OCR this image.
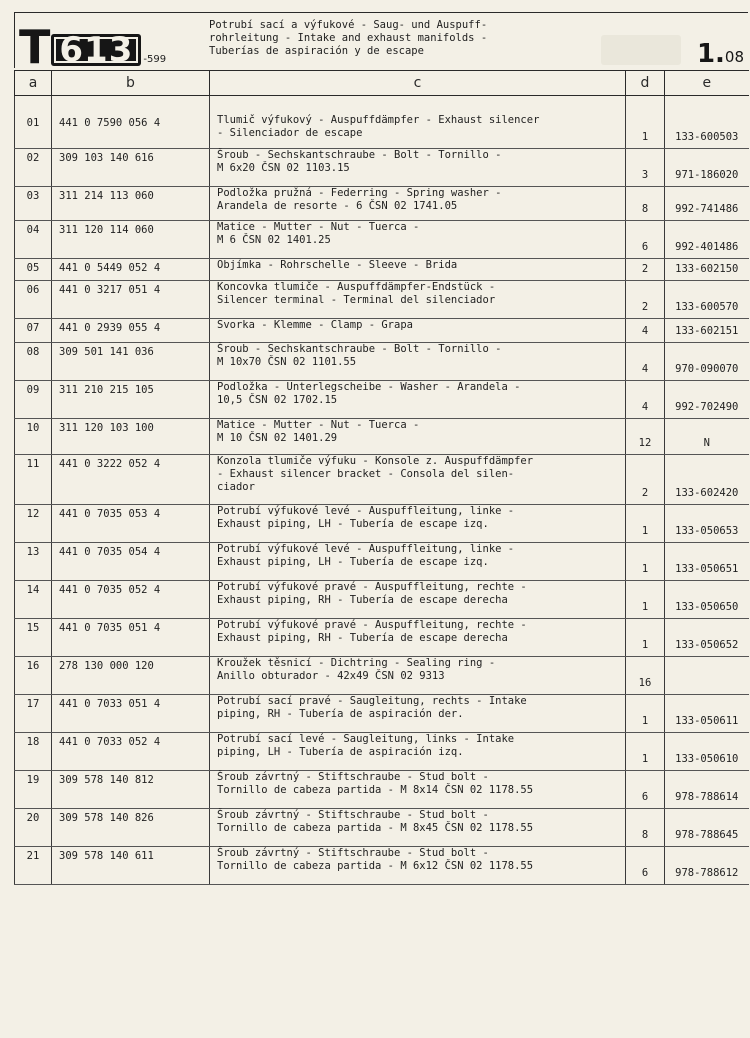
T 613	-599
Potrubí sací a výfukové - Saug- und Auspuff-
rohrleitung - Intake and exhaust manifolds -
Tuberías de aspiración y de escape	1.08
a	b	c	d	e

01	441 0 7590 056 4	Tlumič výfukový - Auspuffdämpfer - Exhaust silencer
- Silenciador de escape	1	133-600503
02	309 103 140 616	Šroub - Sechskantschraube - Bolt - Tornillo -
M 6x20 ČSN 02 1103.15	3	971-186020
03	311 214 113 060	Podložka pružná - Federring - Spring washer -
Arandela de resorte - 6 ČSN 02 1741.05	8	992-741486
04	311 120 114 060	Matice - Mutter - Nut - Tuerca -
M 6 ČSN 02 1401.25	6	992-401486
05	441 0 5449 052 4	Objímka - Rohrschelle - Sleeve - Brida	2	133-602150
06	441 0 3217 051 4	Koncovka tlumiče - Auspuffdämpfer-Endstück -
Silencer terminal - Terminal del silenciador	2	133-600570
07	441 0 2939 055 4	Svorka - Klemme - Clamp - Grapa	4	133-602151
08	309 501 141 036	Šroub - Sechskantschraube - Bolt - Tornillo -
M 10x70 ČSN 02 1101.55	4	970-090070
09	311 210 215 105	Podložka - Unterlegscheibe - Washer - Arandela -
10,5 ČSN 02 1702.15	4	992-702490
10	311 120 103 100	Matice - Mutter - Nut - Tuerca -
M 10 ČSN 02 1401.29	12	N
11	441 0 3222 052 4	Konzola tlumiče výfuku - Konsole z. Auspuffdämpfer
- Exhaust silencer bracket - Consola del silen-
ciador	2	133-602420
12	441 0 7035 053 4	Potrubí výfukové levé - Auspuffleitung, linke -
Exhaust piping, LH - Tubería de escape izq.	1	133-050653
13	441 0 7035 054 4	Potrubí výfukové levé - Auspuffleitung, linke -
Exhaust piping, LH - Tubería de escape izq.	1	133-050651
14	441 0 7035 052 4	Potrubí výfukové pravé - Auspuffleitung, rechte -
Exhaust piping, RH - Tubería de escape derecha	1	133-050650
15	441 0 7035 051 4	Potrubí výfukové pravé - Auspuffleitung, rechte -
Exhaust piping, RH - Tubería de escape derecha	1	133-050652
16	278 130 000 120	Kroužek těsnicí - Dichtring - Sealing ring -
Anillo obturador - 42x49 ČSN 02 9313	16	
17	441 0 7033 051 4	Potrubí sací pravé - Saugleitung, rechts - Intake
piping, RH - Tubería de aspiración der.	1	133-050611
18	441 0 7033 052 4	Potrubí sací levé - Saugleitung, links - Intake
piping, LH - Tubería de aspiración izq.	1	133-050610
19	309 578 140 812	Šroub závrtný - Stiftschraube - Stud bolt -
Tornillo de cabeza partida - M 8x14 ČSN 02 1178.55	6	978-788614
20	309 578 140 826	Šroub závrtný - Stiftschraube - Stud bolt -
Tornillo de cabeza partida - M 8x45 ČSN 02 1178.55	8	978-788645
21	309 578 140 611	Šroub závrtný - Stiftschraube - Stud bolt -
Tornillo de cabeza partida - M 6x12 ČSN 02 1178.55	6	978-788612
